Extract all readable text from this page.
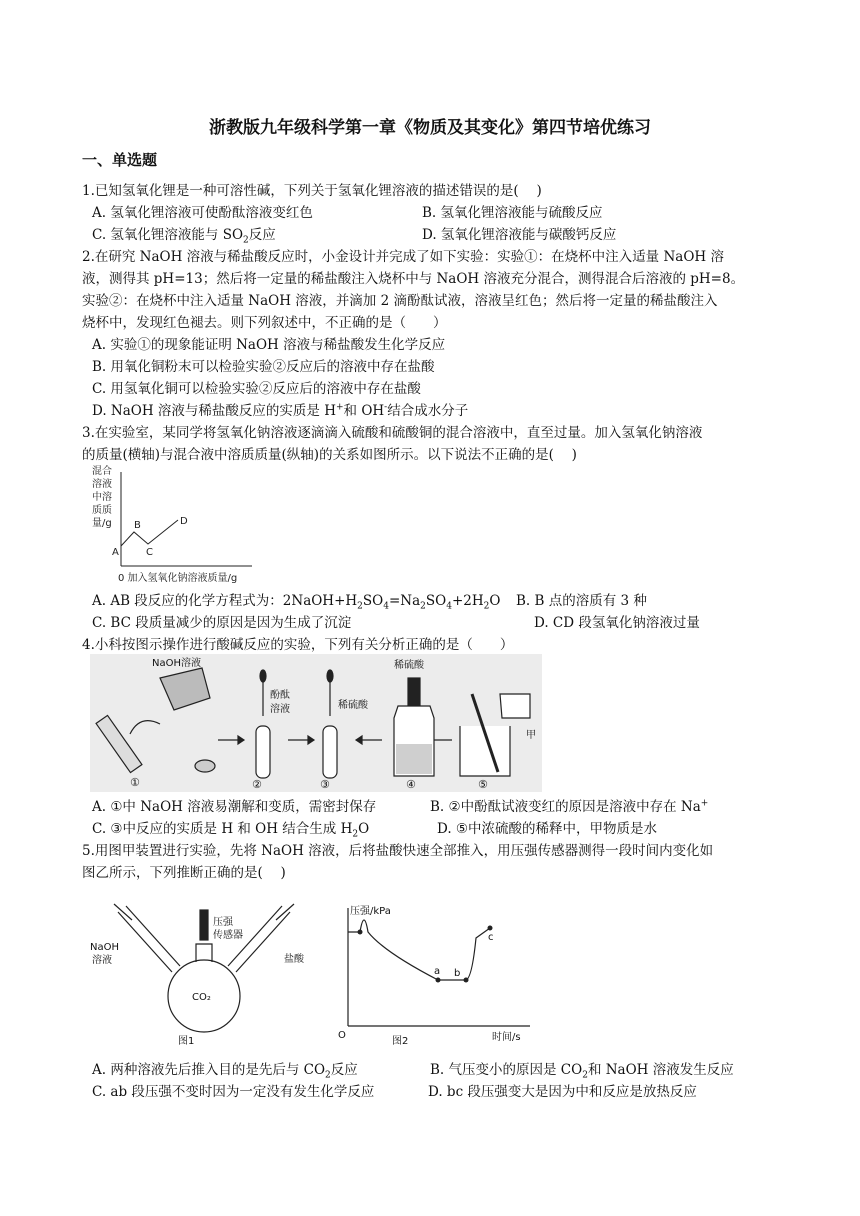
浙教版九年级科学第一章《物质及其变化》第四节培优练习
一、单选题
1.已知氢氧化锂是一种可溶性碱，下列关于氢氧化锂溶液的描述错误的是(　 )
A. 氢氧化锂溶液可使酚酞溶液变红色	B. 氢氧化锂溶液能与硫酸反应
C. 氢氧化锂溶液能与 $SO_2$反应	D. 氢氧化锂溶液能与碳酸钙反应
2.在研究 NaOH 溶液与稀盐酸反应时，小金设计并完成了如下实验：实验①：在烧杯中注入适量 NaOH 溶
液，测得其 pH=13；然后将一定量的稀盐酸注入烧杯中与 NaOH 溶液充分混合，测得混合后溶液的 pH=8。
实验②：在烧杯中注入适量 NaOH 溶液，并滴加 2 滴酚酞试液，溶液呈红色；然后将一定量的稀盐酸注入
烧杯中，发现红色褪去。则下列叙述中，不正确的是（　　）
A. 实验①的现象能证明 NaOH 溶液与稀盐酸发生化学反应
B. 用氧化铜粉末可以检验实验②反应后的溶液中存在盐酸
C. 用氢氧化铜可以检验实验②反应后的溶液中存在盐酸
D. NaOH 溶液与稀盐酸反应的实质是 H+和 OH-结合成水分子
3.在实验室，某同学将氢氧化钠溶液逐滴滴入硫酸和硫酸铜的混合溶液中，直至过量。加入氢氧化钠溶液
的质量(横轴)与混合液中溶质质量(纵轴)的关系如图所示。以下说法不正确的是(　 )
混合
溶液
中溶
质质
量/g
A
B
C
D
0 加入氢氧化钠溶液质量/g
A. AB 段反应的化学方程式为：$2NaOH+H_2SO_4=Na_2SO_4+2H_2O$ B. B 点的溶质有 3 种
C. BC 段质量减少的原因是因为生成了沉淀	D. CD 段氢氧化钠溶液过量
4.小科按图示操作进行酸碱反应的实验，下列有关分析正确的是（　　）
NaOH溶液
①
酚酞
溶液
②
稀硫酸
③
稀硫酸
④
甲
⑤
A. ①中 NaOH 溶液易潮解和变质，需密封保存	B. ②中酚酞试液变红的原因是溶液中存在 Na+
C. ③中反应的实质是 H 和 OH 结合生成 $H_2O$	D. ⑤中浓硫酸的稀释中，甲物质是水
5.用图甲装置进行实验，先将 NaOH 溶液，后将盐酸快速全部推入，用压强传感器测得一段时间内变化如
图乙所示，下列推断正确的是(　 )
压强
传感器
NaOH
溶液	盐酸
CO₂
图1
压强/kPa
O	时间/s
a b
c
图2
A. 两种溶液先后推入目的是先后与 $CO_2$反应	B. 气压变小的原因是 $CO_2$和 NaOH 溶液发生反应
C. ab 段压强不变时因为一定没有发生化学反应	D. bc 段压强变大是因为中和反应是放热反应
